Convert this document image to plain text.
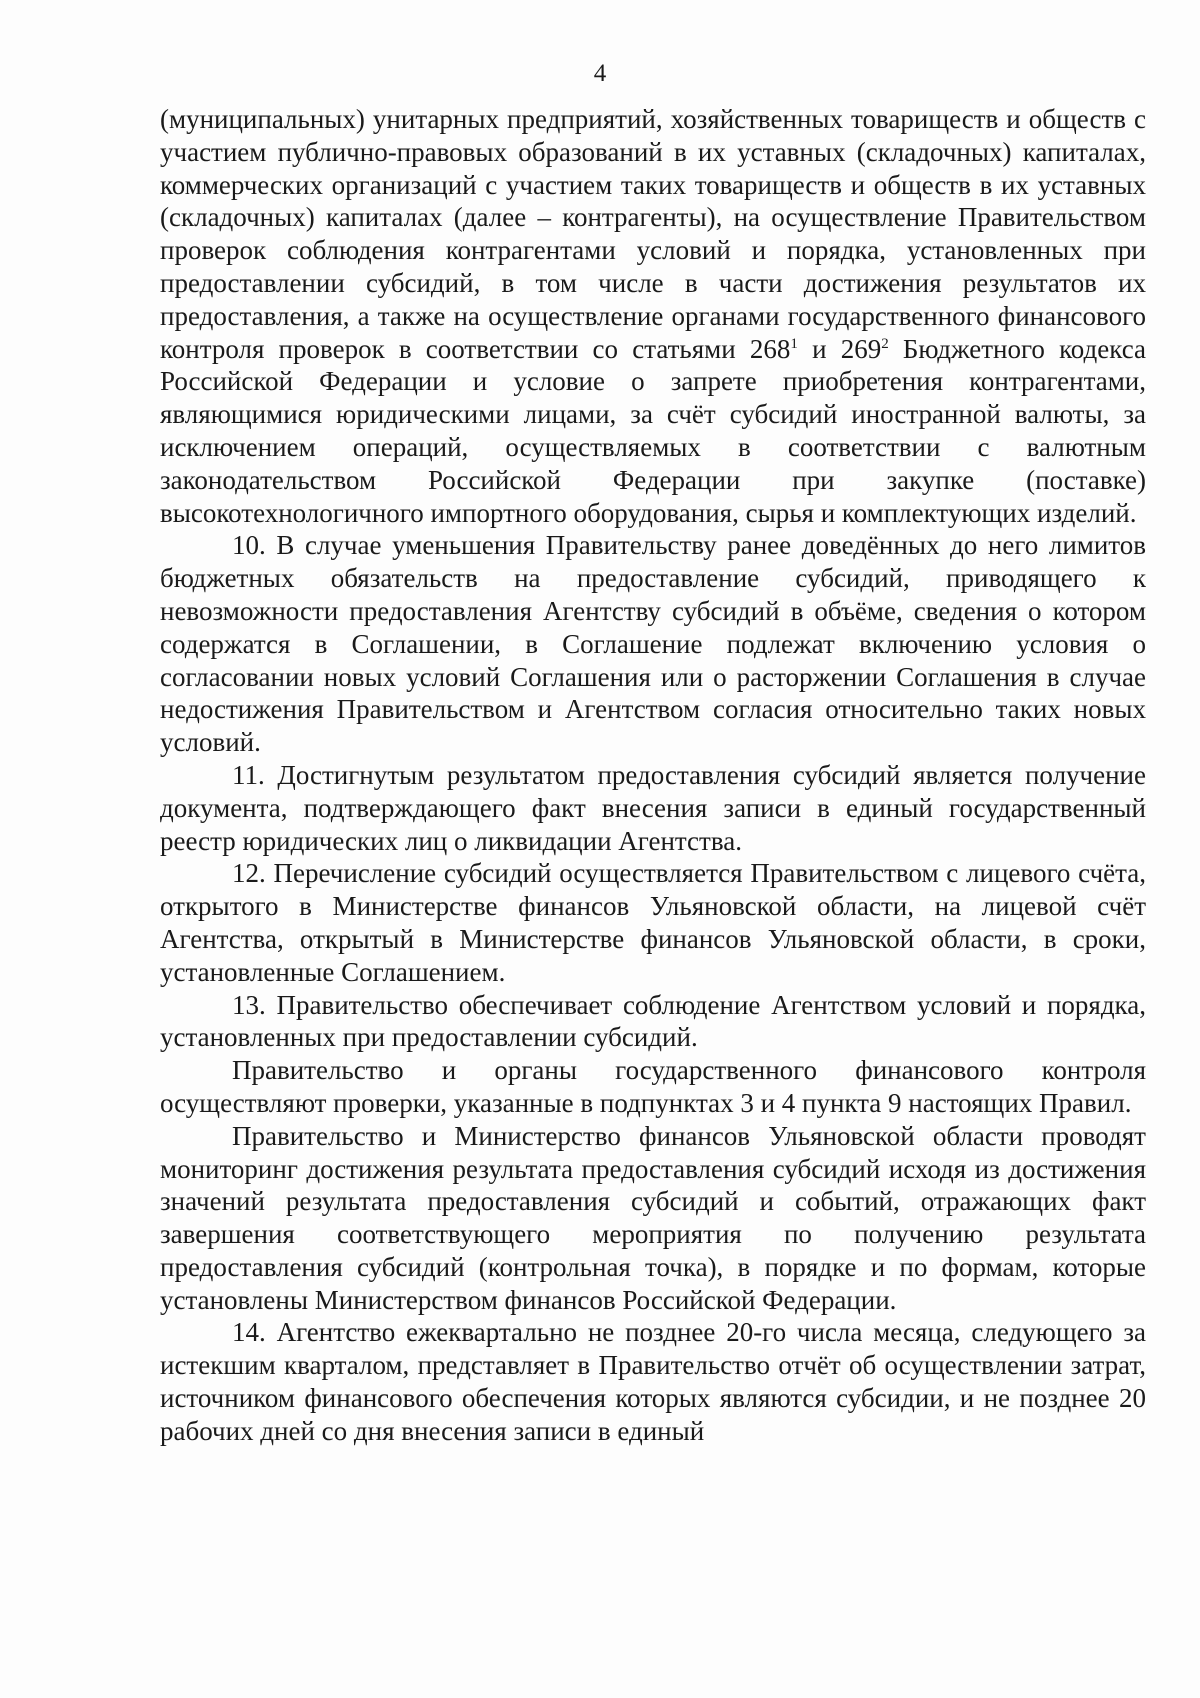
4

(муниципальных) унитарных предприятий, хозяйственных товариществ и обществ с участием публично-правовых образований в их уставных (складочных) капиталах, коммерческих организаций с участием таких товариществ и обществ в их уставных (складочных) капиталах (далее – контрагенты), на осуществление Правительством проверок соблюдения контрагентами условий и порядка, установленных при предоставлении субсидий, в том числе в части достижения результатов их предоставления, а также на осуществление органами государственного финансового контроля проверок в соответствии со статьями $268^1$ и $269^2$ Бюджетного кодекса Российской Федерации и условие о запрете приобретения контрагентами, являющимися юридическими лицами, за счёт субсидий иностранной валюты, за исключением операций, осуществляемых в соответствии с валютным законодательством Российской Федерации при закупке (поставке) высокотехнологичного импортного оборудования, сырья и комплектующих изделий.

10. В случае уменьшения Правительству ранее доведённых до него лимитов бюджетных обязательств на предоставление субсидий, приводящего к невозможности предоставления Агентству субсидий в объёме, сведения о котором содержатся в Соглашении, в Соглашение подлежат включению условия о согласовании новых условий Соглашения или о расторжении Соглашения в случае недостижения Правительством и Агентством согласия относительно таких новых условий.

11. Достигнутым результатом предоставления субсидий является получение документа, подтверждающего факт внесения записи в единый государственный реестр юридических лиц о ликвидации Агентства.

12. Перечисление субсидий осуществляется Правительством с лицевого счёта, открытого в Министерстве финансов Ульяновской области, на лицевой счёт Агентства, открытый в Министерстве финансов Ульяновской области, в сроки, установленные Соглашением.

13. Правительство обеспечивает соблюдение Агентством условий и порядка, установленных при предоставлении субсидий.

Правительство и органы государственного финансового контроля осуществляют проверки, указанные в подпунктах 3 и 4 пункта 9 настоящих Правил.

Правительство и Министерство финансов Ульяновской области проводят мониторинг достижения результата предоставления субсидий исходя из достижения значений результата предоставления субсидий и событий, отражающих факт завершения соответствующего мероприятия по получению результата предоставления субсидий (контрольная точка), в порядке и по формам, которые установлены Министерством финансов Российской Федерации.

14. Агентство ежеквартально не позднее 20-го числа месяца, следующего за истекшим кварталом, представляет в Правительство отчёт об осуществлении затрат, источником финансового обеспечения которых являются субсидии, и не позднее 20 рабочих дней со дня внесения записи в единый
